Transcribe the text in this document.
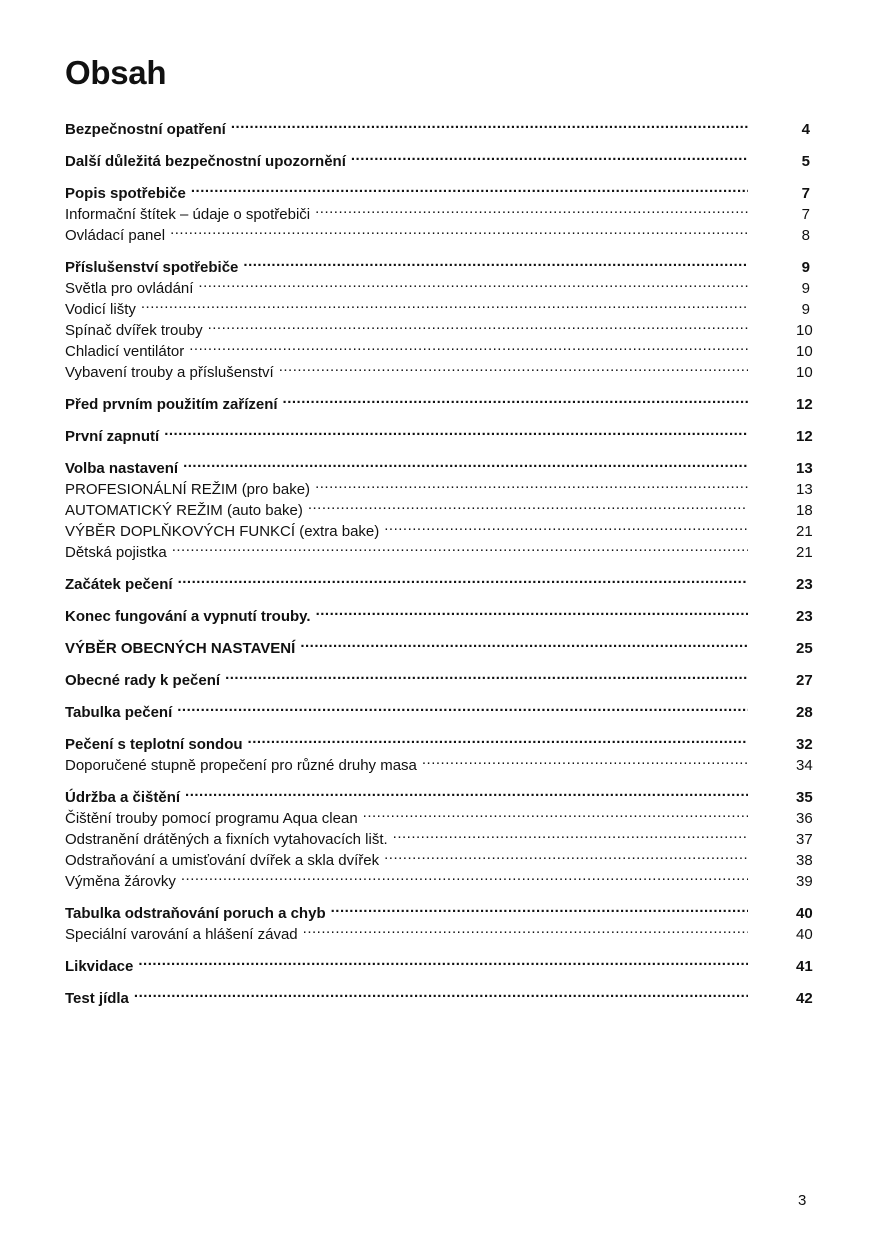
Obsah
Bezpečnostní opatření .....	4
Další důležitá bezpečnostní upozornění .....	5
Popis spotřebiče .....	7
Informační štítek – údaje o spotřebiči .....	7
Ovládací panel .....	8
Příslušenství spotřebiče .....	9
Světla pro ovládání .....	9
Vodicí lišty .....	9
Spínač dvířek trouby .....	10
Chladicí ventilátor .....	10
Vybavení trouby a příslušenství .....	10
Před prvním použitím zařízení .....	12
První zapnutí .....	12
Volba nastavení .....	13
PROFESIONÁLNÍ REŽIM (pro bake) .....	13
AUTOMATICKÝ REŽIM (auto bake) .....	18
VÝBĚR DOPLŇKOVÝCH FUNKCÍ (extra bake) .....	21
Dětská pojistka .....	21
Začátek pečení .....	23
Konec fungování a vypnutí trouby. .....	23
VÝBĚR OBECNÝCH NASTAVENÍ .....	25
Obecné rady k pečení .....	27
Tabulka pečení .....	28
Pečení s teplotní sondou .....	32
Doporučené stupně propečení pro různé druhy masa .....	34
Údržba a čištění .....	35
Čištění trouby pomocí programu Aqua clean .....	36
Odstranění drátěných a fixních vytahovacích lišt. .....	37
Odstraňování a umisťování dvířek a skla dvířek .....	38
Výměna žárovky .....	39
Tabulka odstraňování poruch a chyb .....	40
Speciální varování a hlášení závad .....	40
Likvidace .....	41
Test jídla .....	42
3
